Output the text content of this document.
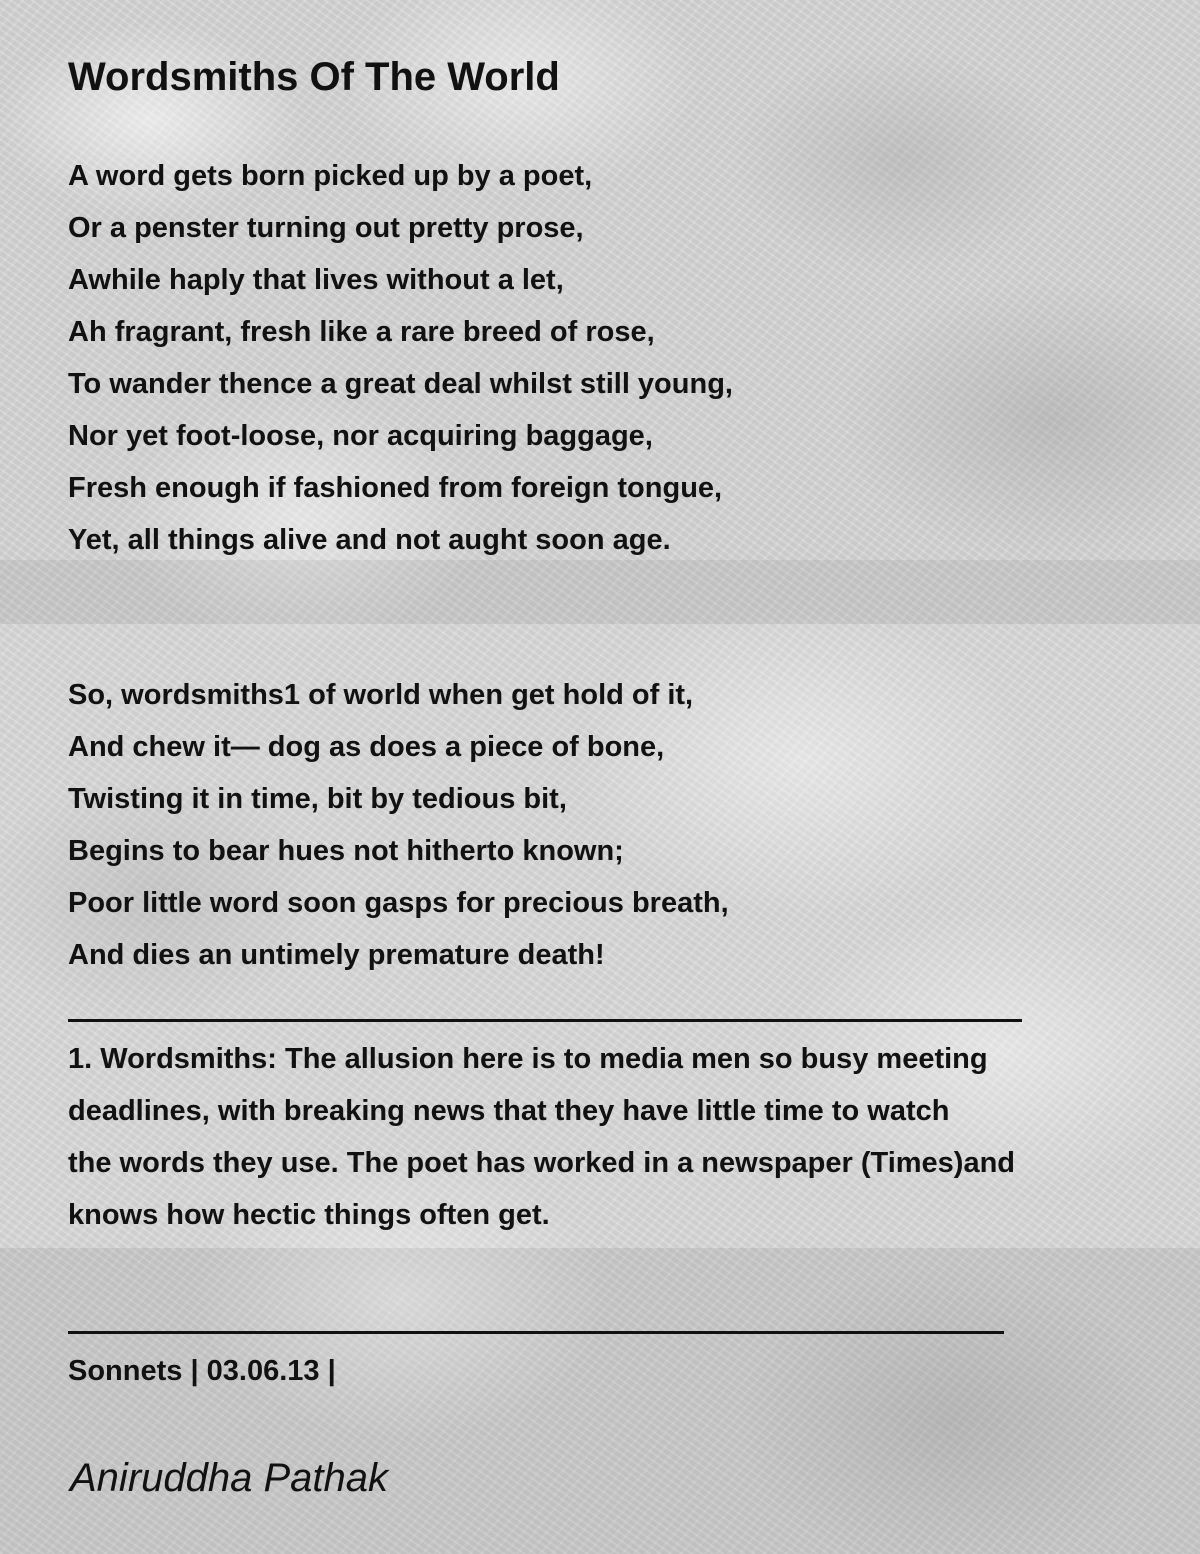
Wordsmiths Of The World
A word gets born picked up by a poet,
Or a penster turning out pretty prose,
Awhile haply that lives without a let,
Ah fragrant, fresh like a rare breed of rose,
To wander thence a great deal whilst still young,
Nor yet foot-loose, nor acquiring baggage,
Fresh enough if fashioned from foreign tongue,
Yet, all things alive and not aught soon age.
So, wordsmiths1 of world when get hold of it,
And chew it— dog as does a piece of bone,
Twisting it in time, bit by tedious bit,
Begins to bear hues not hitherto known;
Poor little word soon gasps for precious breath,
And dies an untimely premature death!
1. Wordsmiths: The allusion here is to media men so busy meeting
deadlines, with breaking news that they have little time to watch
the words they use. The poet has worked in a newspaper (Times)and
knows how hectic things often get.
Sonnets | 03.06.13 |
Aniruddha Pathak
